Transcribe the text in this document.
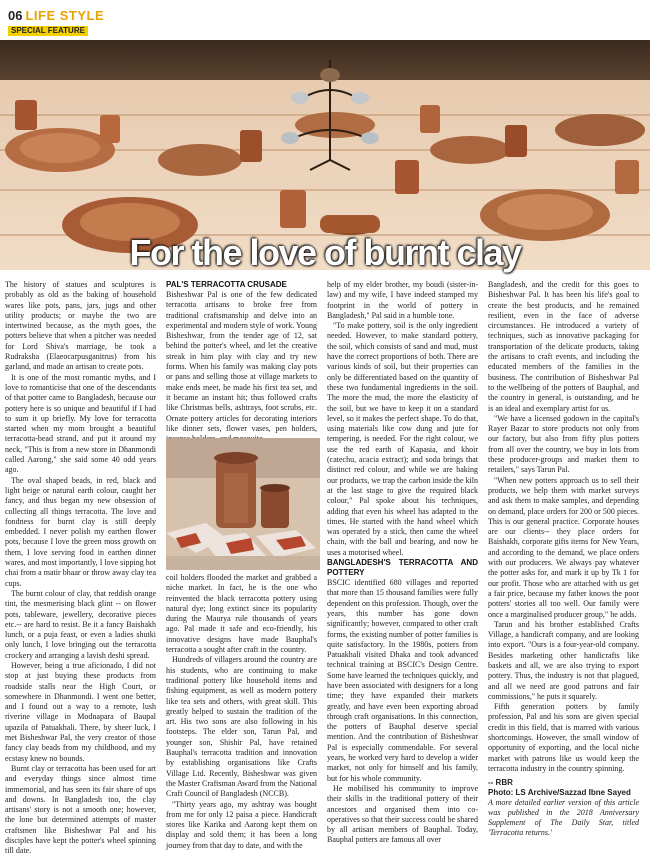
06 LIFE STYLE
SPECIAL FEATURE
For the love of burnt clay

The history of statues and sculptures is probably as old as the baking of household wares like pots, pans, jars, jugs and other utility products; or maybe the two are intertwined because, as the myth goes, the potters believe that when a pitcher was needed for Lord Shiva's marriage, he took a Rudraksha (Elaeocarpusganitrus) from his garland, and made an artisan to create pots.

It is one of the most romantic myths, and I love to romanticise that one of the descendants of that potter came to Bangladesh, because our pottery here is so unique and beautiful if I had to sum it up briefly. My love for terracotta started when my mom brought a beautiful terracotta-bead strand, and put it around my neck, "This is from a new store in Dhanmondi called Aarong," she said some 40 odd years ago.

The oval shaped beads, in red, black and light beige or natural earth colour, caught her fancy, and thus began my new obsession of collecting all things terracotta. The love and fondness for burnt clay is still deeply embedded. I never polish my earthen flower pots, because I love the green moss growth on them, I love serving food in earthen dinner wares, and most importantly, I love sipping hot chai from a matir bhaar or throw away clay tea cups.

The burnt colour of clay, that reddish orange tint, the mesmerising black glint -- on flower pots, tableware, jewellery, decorative pieces etc.-- are hard to resist. Be it a fancy Baishakh lunch, or a puja feast, or even a ladies shutki only lunch, I love bringing out the terracotta crockery and arranging a lavish deshi spread.

However, being a true aficionado, I did not stop at just buying these products from roadside stalls near the High Court, or somewhere in Dhanmondi. I went one better, and I found out a way to a remote, lush riverine village in Modnapara of Baupal upazila of Patuakhali. There, by sheer luck, I met Bisheshwar Pal, the very creator of those fancy clay beads from my childhood, and my ecstasy knew no bounds.

Burnt clay or terracotta has been used for art and everyday things since almost time immemorial, and has seen its fair share of ups and downs. In Bangladesh too, the clay artisans' story is not a smooth one; however, the lone but determined attempts of master craftsmen like Bisheshwar Pal and his disciples have kept the potter's wheel spinning till date.

PAL'S TERRACOTTA CRUSADE

Bisheshwar Pal is one of the few dedicated terracotta artisans to broke free from traditional craftsmanship and delve into an experimental and modern style of work. Young Bisheshwar, from the tender age of 12, sat behind the potter's wheel, and let the creative streak in him play with clay and try new forms. When his family was making clay pots or pans and selling those at village markets to make ends meet, he made his first tea set, and it became an instant hit; thus followed crafts like Christmas bells, ashtrays, foot scrubs, etc. Ornate pottery articles for decorating interiors like dinner sets, flower vases, pen holders,

coil holders flooded the market and grabbed a niche market. In fact, he is the one who reinvented the black terracotta pottery using natural dye; long extinct since its popularity during the Maurya rule thousands of years ago. Pal made it safe and eco-friendly, his innovative designs have made Bauphal's terracotta a sought after craft in the country.

Hundreds of villagers around the country are his students, who are continuing to make traditional pottery like household items and fishing equipment, as well as modern pottery like tea sets and others, with great skill. This greatly helped to sustain the tradition of the art. His two sons are also following in his footsteps. The elder son, Tarun Pal, and younger son, Shishir Pal, have retained Bauphal's terracotta tradition and innovation by establishing organisations like Crafts Village Ltd. Recently, Bisheshwar was given the Master Craftsman Award from the National Craft Council of Bangladesh (NCCB).

"Thirty years ago, my ashtray was bought from me for only 12 paisa a piece. Handicraft stores like Karika and Aarong kept them on display and sold them; it has been a long journey from that day to date, and with the

help of my elder brother, my boudi (sister-in-law) and my wife, I have indeed stamped my footprint in the world of pottery in Bangladesh," Pal said in a humble tone.

"To make pottery, soil is the only ingredient needed. However, to make standard pottery, the soil, which consists of sand and mud, must have the correct proportions of both. There are various kinds of soil, but their properties can only be differentiated based on the quantity of these two fundamental ingredients in the soil. The more the mud, the more the elasticity of the soil, but we have to keep it on a standard level, so it makes the perfect shape. To do that, using materials like cow dung and jute for tempering, is needed. For the right colour, we use the red earth of Kapasia, and khoir (catechu, acacia extract); and soda brings that distinct red colour, and while we are baking our products, we trap the carbon inside the kiln at the last stage to give the required black colour," Pal spoke about his techniques, adding that even his wheel has adapted to the times. He started with the hand wheel which was operated by a stick, then came the wheel chain, with the ball and bearing, and now he uses a motorised wheel.

BANGLADESH'S TERRACOTTA AND POTTERY

BSCIC identified 680 villages and reported that more than 15 thousand families were fully dependent on this profession. Though, over the years, this number has gone down significantly; however, compared to other craft forms, the existing number of potter families is quite satisfactory. In the 1980s, potters from Patuakhali visited Dhaka and took advanced technical training at BSCIC's Design Centre. Some have learned the techniques quickly, and have been associated with designers for a long time; they have expanded their markets greatly, and have even been exporting abroad through craft organisations. In this connection, the potters of Bauphal deserve special mention. And the contribution of Bisheshwar Pal is especially commendable. For several years, he worked very hard to develop a wider market, not only for himself and his family, but for his whole community.

He mobilised his community to improve their skills in the traditional pottery of their ancestors and organised them into co-operatives so that their success could be shared by all artisan members of Bauphal. Today, Bauphal potters are famous all over

Bangladesh, and the credit for this goes to Bisheshwar Pal. It has been his life's goal to create the best products, and he remained resilient, even in the face of adverse circumstances. He introduced a variety of techniques, such as innovative packaging for transportation of the delicate products, taking the artisans to craft events, and including the educated members of the families in the business. The contribution of Bisheshwar Pal to the wellbeing of the potters of Bauphal, and the country in general, is outstanding, and he is an ideal and exemplary artist for us.

"We have a licensed godown in the capital's Rayer Bazar to store products not only from our factory, but also from fifty plus potters from all over the country, we buy in lots from these producer-groups and market them to retailers," says Tarun Pal.

"When new potters approach us to sell their products, we help them with market surveys and ask them to make samples, and depending on demand, place orders for 200 or 500 pieces. This is our general practice. Corporate houses are our clients-- they place orders for Baishakh, corporate gifts items for New Years, and according to the demand, we place orders with our producers. We always pay whatever the potter asks for, and mark it up by Tk 1 for our profit. Those who are attached with us get a fair price, because my father knows the poor potters' stories all too well. Our family were once a marginalised producer group," he adds.

Tarun and his brother established Crafts Village, a handicraft company, and are looking into export. "Ours is a four-year-old company. Besides marketing other handicrafts like baskets and all, we are also trying to export pottery. Thus, the industry is not that plagued, and all we need are good patrons and fair commissions," he puts it squarely.

Fifth generation potters by family profession, Pal and his sons are given special credit in this field, that is marred with various shortcomings. However, the small window of opportunity of exporting, and the local niche market with patrons like us would keep the terracotta industry in the country spinning.

-- RBR
Photo: LS Archive/Sazzad Ibne Sayed
A more detailed earlier version of this article was published in the 2018 Anniversary Supplement of The Daily Star, titled 'Terracotta returns.'
